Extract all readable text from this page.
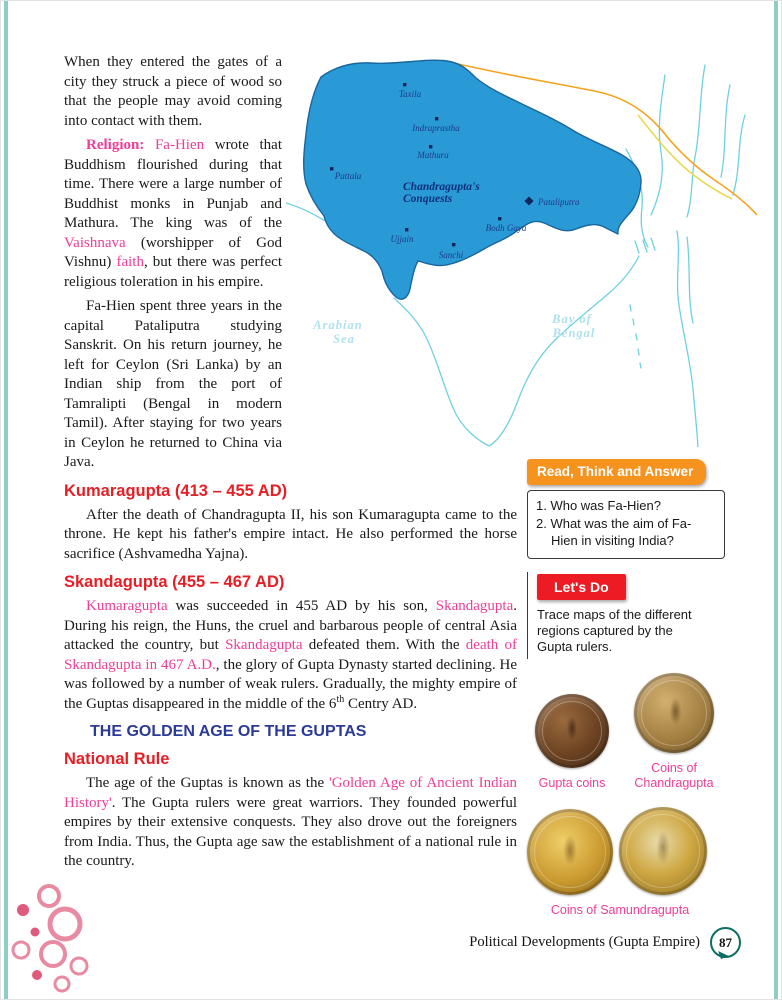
Taxila
Indraprastha
Mathura
Pattala
Pataliputra
Bodh Gaya
Ujjain
Sanchi
Chandragupta's
Conquests
Arabian
Sea
Bay of
Bengal
Read, Think and Answer
1. Who was Fa-Hien?
2. What was the aim of Fa-Hien in visiting India?
Let's Do
Trace maps of the different regions captured by the Gupta rulers.
Gupta coins
Coins of Chandragupta
Coins of Samundragupta

When they entered the gates of a city they struck a piece of wood so that the people may avoid coming into contact with them.

Religion: Fa-Hien wrote that Buddhism flourished during that time. There were a large number of Buddhist monks in Punjab and Mathura. The king was of the Vaishnava (worshipper of God Vishnu) faith, but there was perfect religious toleration in his empire.

Fa-Hien spent three years in the capital Pataliputra studying Sanskrit. On his return journey, he left for Ceylon (Sri Lanka) by an Indian ship from the port of Tamralipti (Bengal in modern Tamil). After staying for two years in Ceylon he returned to China via Java.

Kumaragupta (413 – 455 AD)

After the death of Chandragupta II, his son Kumaragupta came to the throne. He kept his father's empire intact. He also performed the horse sacrifice (Ashvamedha Yajna).

Skandagupta (455 – 467 AD)

Kumaragupta was succeeded in 455 AD by his son, Skandagupta. During his reign, the Huns, the cruel and barbarous people of central Asia attacked the country, but Skandagupta defeated them. With the death of Skandagupta in 467 A.D., the glory of Gupta Dynasty started declining. He was followed by a number of weak rulers. Gradually, the mighty empire of the Guptas disappeared in the middle of the 6th Centry AD.

THE GOLDEN AGE OF THE GUPTAS
National Rule

The age of the Guptas is known as the 'Golden Age of Ancient Indian History'. The Gupta rulers were great warriors. They founded powerful empires by their extensive conquests. They also drove out the foreigners from India. Thus, the Gupta age saw the establishment of a national rule in the country.

Political Developments (Gupta Empire) 87
